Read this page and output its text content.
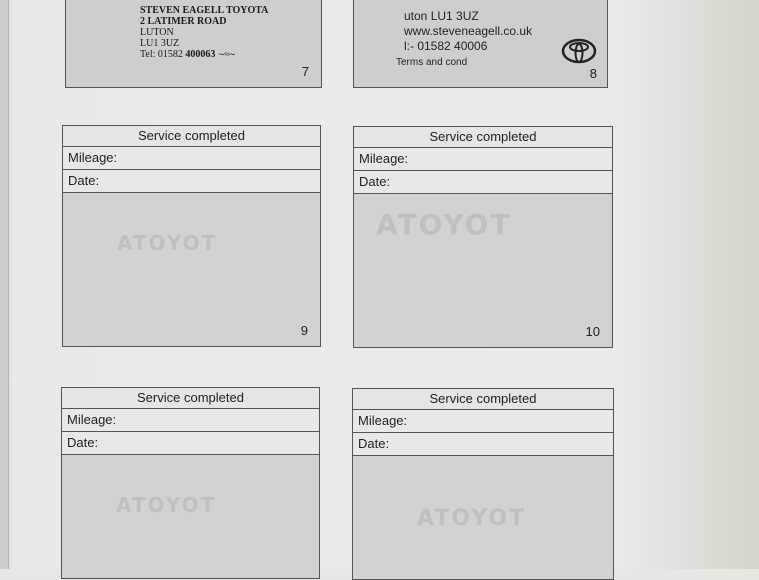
STEVEN EAGELL TOYOTA
2 LATIMER ROAD
LUTON
LU1 3UZ
Tel: 01582 400063 ∼≈∼
7
uton LU1 3UZ
www.steveneagell.co.uk
l:- 01582 40006
Terms and cond
8
Service completed
Mileage:
Date:
ATOYOT
9
Service completed
Mileage:
Date:
ATOYOT
10
Service completed
Mileage:
Date:
ATOYOT
Service completed
Mileage:
Date:
ATOYOT
